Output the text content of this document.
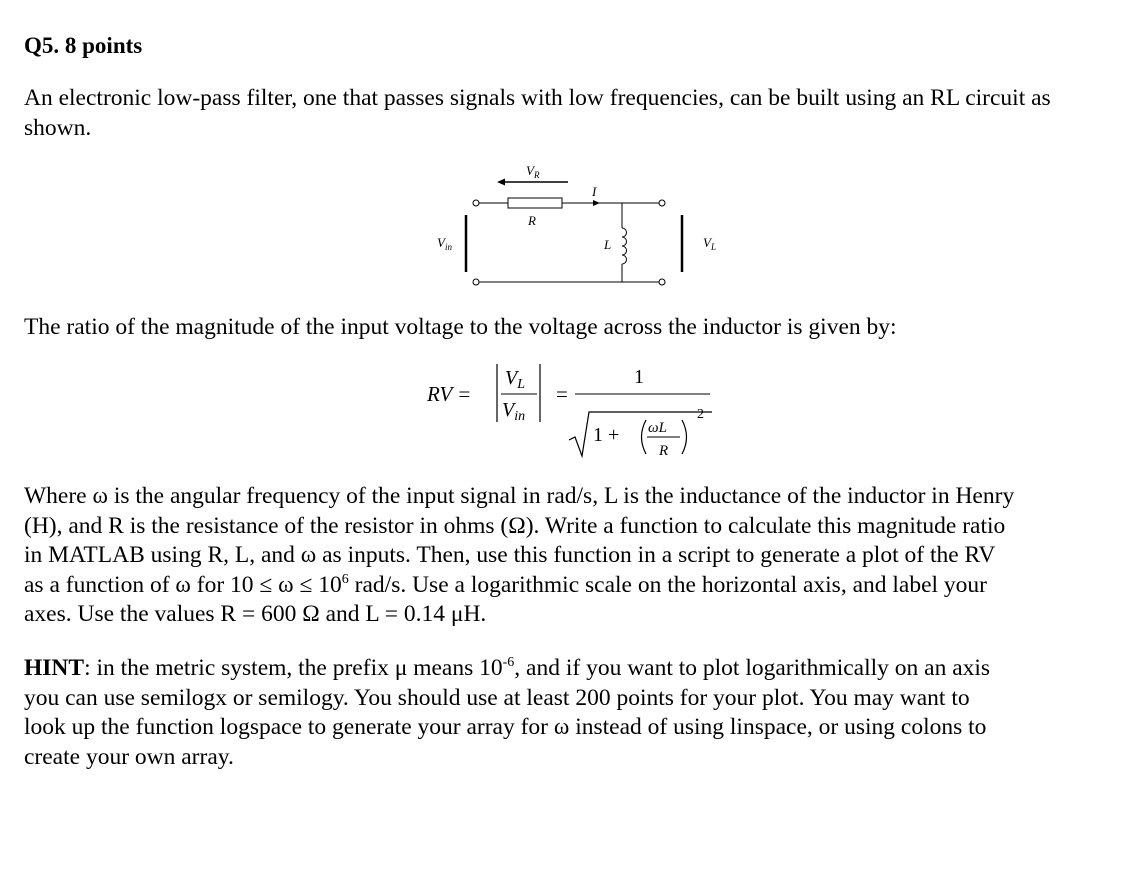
Q5. 8 points

An electronic low-pass filter, one that passes signals with low frequencies, can be built using an RL circuit as shown.

$V_R$
I
R
L
$V_{in}$	$V_L$

The ratio of the magnitude of the input voltage to the voltage across the inductor is given by:

RV =
$V_L$
$V_{in}$
=
1
1 + ωL
R
2
Where ω is the angular frequency of the input signal in rad/s, L is the inductance of the inductor in Henry
(H), and R is the resistance of the resistor in ohms (Ω). Write a function to calculate this magnitude ratio
in MATLAB using R, L, and ω as inputs. Then, use this function in a script to generate a plot of the RV
as a function of ω for $10 \le \omega \le 10^6$ rad/s. Use a logarithmic scale on the horizontal axis, and label your
axes. Use the values R = 600 Ω and L = 0.14 μH.
HINT: in the metric system, the prefix μ means $10^{-6}$, and if you want to plot logarithmically on an axis
you can use semilogx or semilogy. You should use at least 200 points for your plot. You may want to
look up the function logspace to generate your array for ω instead of using linspace, or using colons to
create your own array.
